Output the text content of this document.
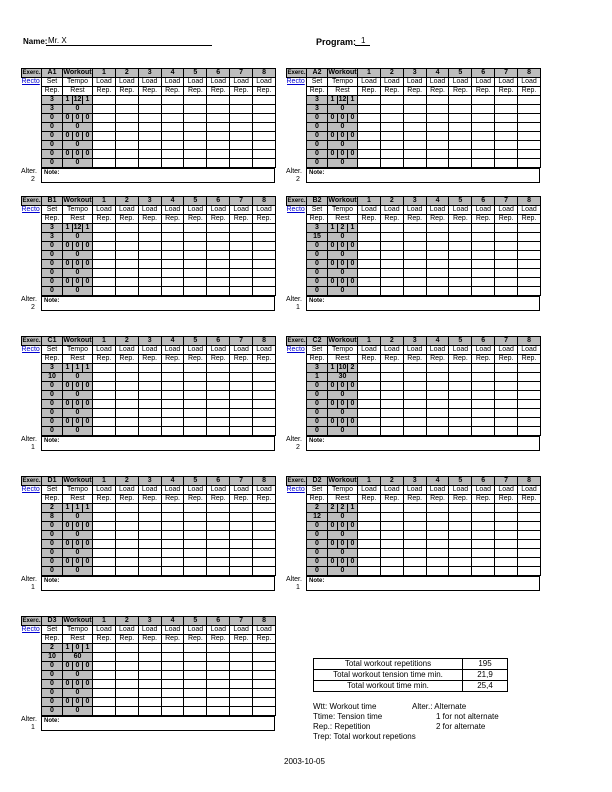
Name: Mr. X	Program: 1
Exerc.	A1	Workout			1	2	3	4	5	6	7	8
Recto	Set	Tempo			Load	Load	Load	Load	Load	Load	Load	Load
	Rep.	Rest			Rep.	Rep.	Rep.	Rep.	Rep.	Rep.	Rep.	Rep.
	3	1	12	1								
	3	0										
	0	0	0	0								
	0	0										
	0	0	0	0								
	0	0										
	0	0	0	0								
	0	0										
Alter.
2
Note:
Exerc.	A2	Workout			1	2	3	4	5	6	7	8
Recto	Set	Tempo			Load	Load	Load	Load	Load	Load	Load	Load
	Rep.	Rest			Rep.	Rep.	Rep.	Rep.	Rep.	Rep.	Rep.	Rep.
	3	1	12	1								
	3	0										
	0	0	0	0								
	0	0										
	0	0	0	0								
	0	0										
	0	0	0	0								
	0	0										
Alter.
2
Note:
Exerc.	B1	Workout			1	2	3	4	5	6	7	8
Recto	Set	Tempo			Load	Load	Load	Load	Load	Load	Load	Load
	Rep.	Rest			Rep.	Rep.	Rep.	Rep.	Rep.	Rep.	Rep.	Rep.
	3	1	12	1								
	3	0										
	0	0	0	0								
	0	0										
	0	0	0	0								
	0	0										
	0	0	0	0								
	0	0										
Alter.
2
Note:
Exerc.	B2	Workout			1	2	3	4	5	6	7	8
Recto	Set	Tempo			Load	Load	Load	Load	Load	Load	Load	Load
	Rep.	Rest			Rep.	Rep.	Rep.	Rep.	Rep.	Rep.	Rep.	Rep.
	3	1	2	1								
	15	0										
	0	0	0	0								
	0	0										
	0	0	0	0								
	0	0										
	0	0	0	0								
	0	0										
Alter.
1
Note:
Exerc.	C1	Workout			1	2	3	4	5	6	7	8
Recto	Set	Tempo			Load	Load	Load	Load	Load	Load	Load	Load
	Rep.	Rest			Rep.	Rep.	Rep.	Rep.	Rep.	Rep.	Rep.	Rep.
	3	1	1	1								
	10	0										
	0	0	0	0								
	0	0										
	0	0	0	0								
	0	0										
	0	0	0	0								
	0	0										
Alter.
1
Note:
Exerc.	C2	Workout			1	2	3	4	5	6	7	8
Recto	Set	Tempo			Load	Load	Load	Load	Load	Load	Load	Load
	Rep.	Rest			Rep.	Rep.	Rep.	Rep.	Rep.	Rep.	Rep.	Rep.
	3	1	10	2								
	1	30										
	0	0	0	0								
	0	0										
	0	0	0	0								
	0	0										
	0	0	0	0								
	0	0										
Alter.
2
Note:
Exerc.	D1	Workout			1	2	3	4	5	6	7	8
Recto	Set	Tempo			Load	Load	Load	Load	Load	Load	Load	Load
	Rep.	Rest			Rep.	Rep.	Rep.	Rep.	Rep.	Rep.	Rep.	Rep.
	2	1	1	1								
	8	0										
	0	0	0	0								
	0	0										
	0	0	0	0								
	0	0										
	0	0	0	0								
	0	0										
Alter.
1
Note:
Exerc.	D2	Workout			1	2	3	4	5	6	7	8
Recto	Set	Tempo			Load	Load	Load	Load	Load	Load	Load	Load
	Rep.	Rest			Rep.	Rep.	Rep.	Rep.	Rep.	Rep.	Rep.	Rep.
	2	2	2	1								
	12	0										
	0	0	0	0								
	0	0										
	0	0	0	0								
	0	0										
	0	0	0	0								
	0	0										
Alter.
1
Note:
Exerc.	D3	Workout			1	2	3	4	5	6	7	8
Recto	Set	Tempo			Load	Load	Load	Load	Load	Load	Load	Load
	Rep.	Rest			Rep.	Rep.	Rep.	Rep.	Rep.	Rep.	Rep.	Rep.
	2	1	0	1								
	10	60										
	0	0	0	0								
	0	0										
	0	0	0	0								
	0	0										
	0	0	0	0								
	0	0										
Alter.
1
Note:
Total workout repetitions	195
Total workout tension time min.	21,9
Total workout time min.	25,4
Wtt: Workout time
Ttime: Tension time
Rep.: Repetition
Trep: Total workout repetions
Alter.: Alternate
1 for not alternate
2 for alternate
2003-10-05
